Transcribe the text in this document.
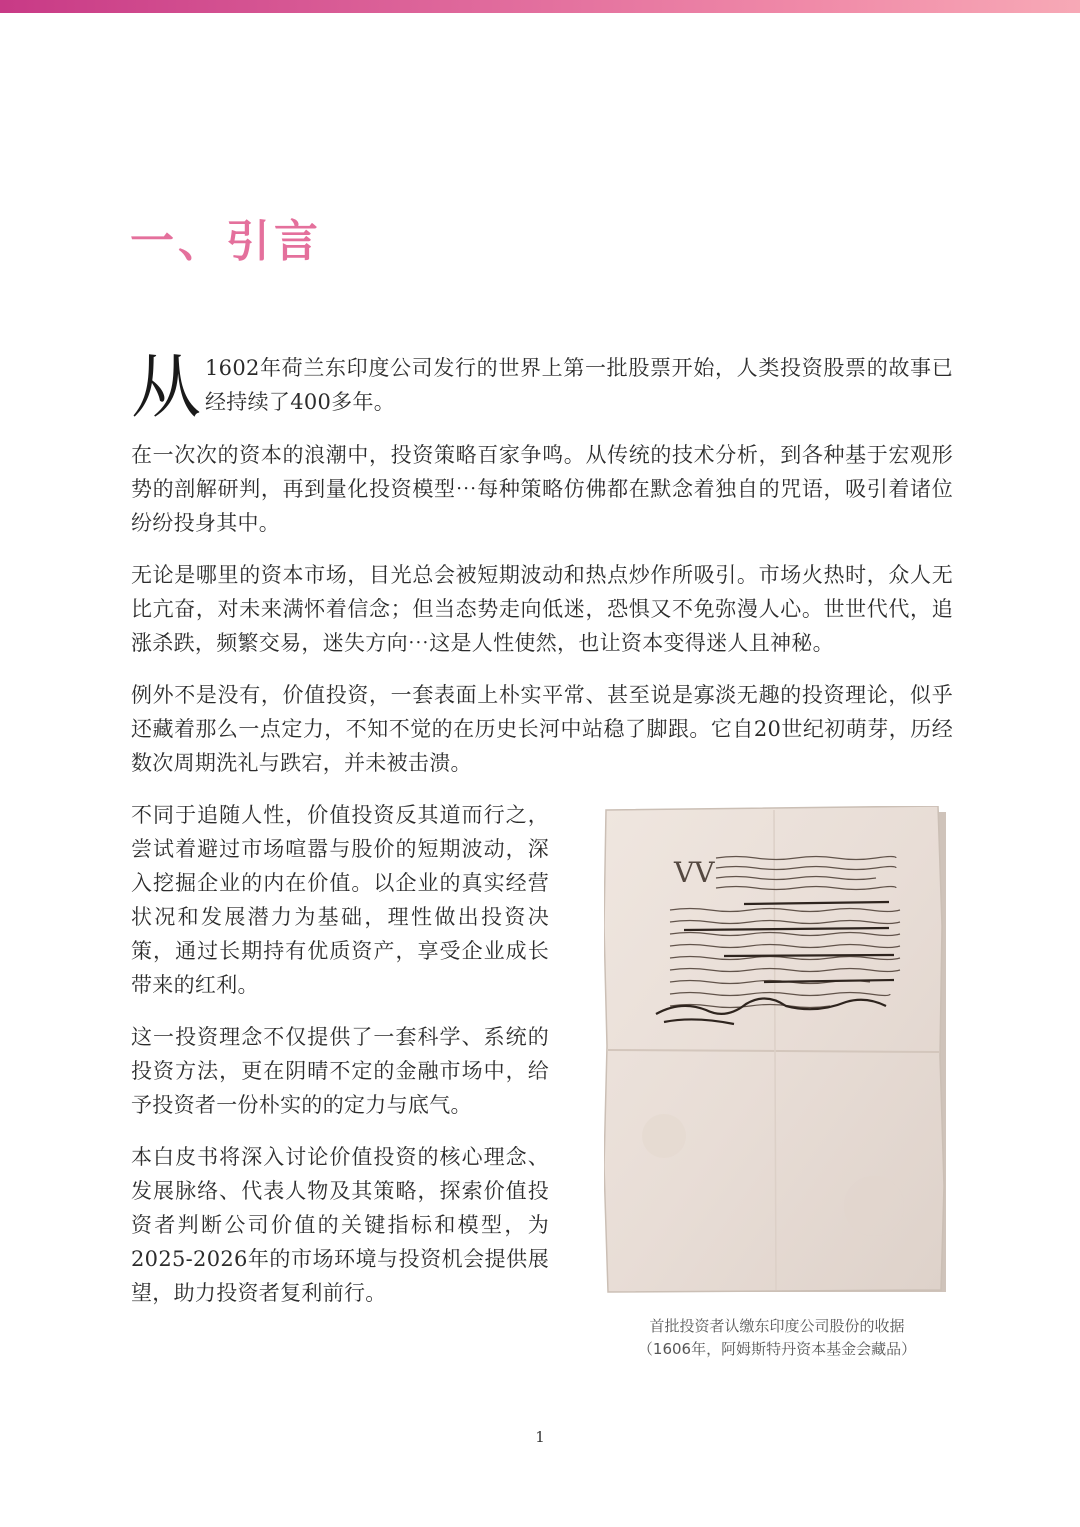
一、引言

从 1602年荷兰东印度公司发行的世界上第一批股票开始，人类投资股票的故事已经持续了400多年。

在一次次的资本的浪潮中，投资策略百家争鸣。从传统的技术分析，到各种基于宏观形势的剖解研判，再到量化投资模型⋯每种策略仿佛都在默念着独自的咒语，吸引着诸位纷纷投身其中。

无论是哪里的资本市场，目光总会被短期波动和热点炒作所吸引。市场火热时，众人无比亢奋，对未来满怀着信念；但当态势走向低迷，恐惧又不免弥漫人心。世世代代，追涨杀跌，频繁交易，迷失方向⋯这是人性使然，也让资本变得迷人且神秘。

例外不是没有，价值投资，一套表面上朴实平常、甚至说是寡淡无趣的投资理论，似乎还藏着那么一点定力，不知不觉的在历史长河中站稳了脚跟。它自20世纪初萌芽，历经数次周期洗礼与跌宕，并未被击溃。

不同于追随人性，价值投资反其道而行之，尝试着避过市场喧嚣与股价的短期波动，深入挖掘企业的内在价值。以企业的真实经营状况和发展潜力为基础，理性做出投资决策，通过长期持有优质资产，享受企业成长带来的红利。

这一投资理念不仅提供了一套科学、系统的投资方法，更在阴晴不定的金融市场中，给予投资者一份朴实的的定力与底气。

本白皮书将深入讨论价值投资的核心理念、发展脉络、代表人物及其策略，探索价值投资者判断公司价值的关键指标和模型，为2025-2026年的市场环境与投资机会提供展望，助力投资者复利前行。

VV
首批投资者认缴东印度公司股份的收据
（1606年，阿姆斯特丹资本基金会藏品）
1
